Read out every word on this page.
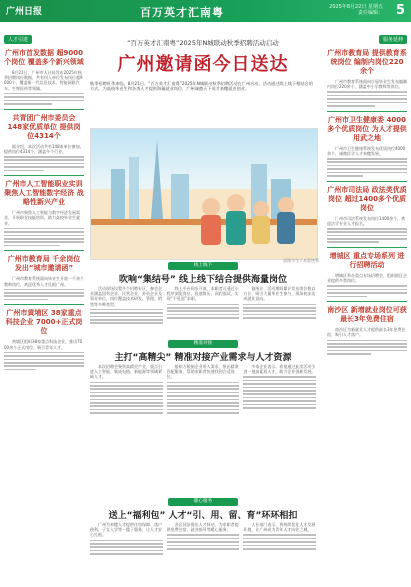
广州日报	百万英才汇南粤	2025年8月22日 星期五
责任编辑： 5
人才引进
广州市首发数据 超9000个岗位 覆盖多个新兴领域
8月21日，广州市人社局发布2025年秋季招聘岗位数据，共有用人单位发布岗位超9000个，覆盖新一代信息技术、智能网联汽车、生物医药等领域。
共青团广州市委员会 148家优质单位 提供岗位4314个
据介绍，本次活动共有148家单位参加，提供岗位4314个，涵盖多个行业。
广州市人工智能职业实训 聚焦人工智能数字经济 战略性新兴产业
广州市聚焦人工智能与数字经济发展需求，开展职业技能培训，助力高校毕业生就业。
广州市教育局 千余岗位 发出“城市邀请函”
广州市教育系统面向毕业生开放一千余个教师岗位，欢迎优秀人才扎根广州。
广州市黄埔区 38家重点科技企业 7000+正式岗位
黄埔区组织38家重点科技企业，推出7000余个正式岗位，吸引青年人才。
服务延伸
广州市教育局 提供教育系统岗位 编制内岗位220余个
广州市教育系统面向应届毕业生发布编制内岗位220余个，涵盖中小学教师等岗位。
广州市卫生健康委 4000多个优质岗位 为人才提供用武之地
广州市卫生健康系统发布优质岗位4000余个，诚邀医学人才来穗发展。
广州市司法局 政法类优质岗位 超过1400多个优质岗位
广州市司法系统发布岗位1400余个，欢迎法学专业人才报名。
增城区 重点专场系列 进行招聘活动
增城区举办重点专场招聘会，组织辖区企业提供多类岗位。
南沙区 新增就业岗位可获 最长3年免费住宿
南沙区为新就业人才提供最长3年免费住宿，吸引人才落户。
“百万英才汇南粤”2025年N城联动秋季招聘活动启动
广州邀请函今日送达
秋季招聘旺季来临，8月21日，“百万英才汇南粤”2025年N城联动秋季招聘活动在广州启动。活动通过线上线下相结合的方式，为高校毕业生和各类人才提供海量就业岗位，广州诚邀天下英才来穗就业创业。
插画学生 / 本版统筹
线上线下
吹响“集结号” 线上线下结合提供海量岗位
活动现场设置多个招聘专区，参会企业涵盖国有企业、民营企业、外资企业及事业单位，岗位覆盖技术研发、管理、销售等多种类型。
线上平台同步开放，求职者可通过小程序浏览岗位、投递简历、预约面试，实现“不见面”求职。
据统计，活动期间累计发布岗位数以万计，吸引大量毕业生参与，现场初步达成就业意向。
精准对接
主打“高精尖” 精准对接产业需求与人才资源
本次招聘会聚焦高精尖产业，重点引进人工智能、集成电路、新能源等领域紧缺人才。
组织方根据企业用人需求，推出精准匹配服务，帮助求职者快速找到合适岗位。
多家企业表示，希望通过此次活动引进一批高素质人才，助力企业创新发展。
暖心服务
送上“福利包” 人才“引、用、留、育”环环相扣
广州为来穗人才提供住房保障、落户便利、子女入学等一揽子服务，让人才安心扎根。
各区同步推出人才驿站，为求职者提供免费住宿、就业指导等暖心服务。
人社部门表示，将持续优化人才发展环境，让广州成为青年人才向往之城。
